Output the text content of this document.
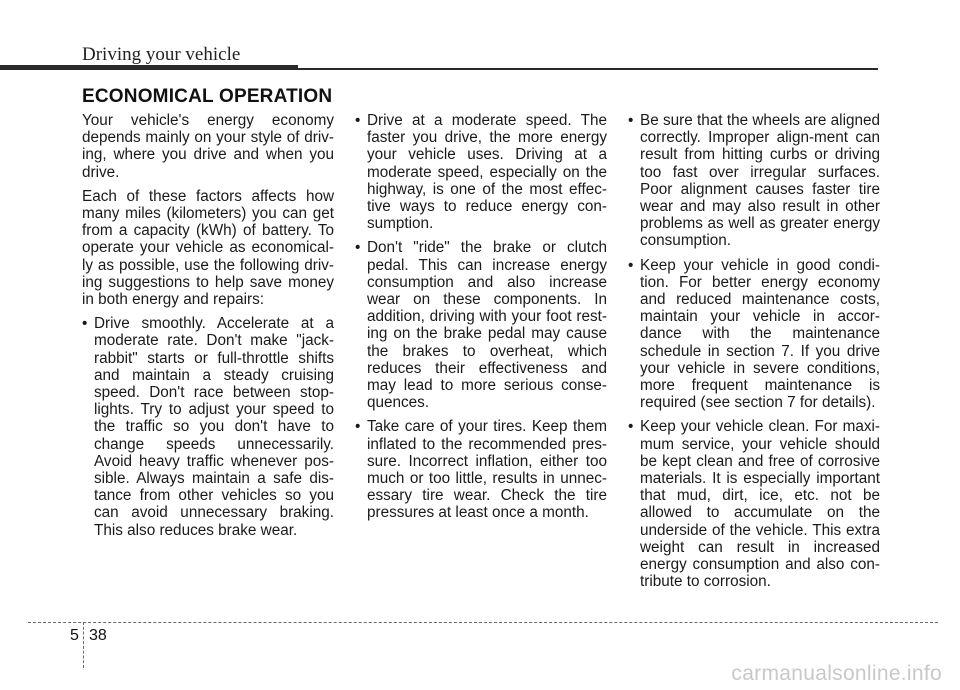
Driving your vehicle
ECONOMICAL OPERATION

Your vehicle's energy economy depends mainly on your style of driv-ing, where you drive and when you drive.

Each of these factors affects how many miles (kilometers) you can get from a capacity (kWh) of battery. To operate your vehicle as economical-ly as possible, use the following driv-ing suggestions to help save money in both energy and repairs:

• Drive smoothly. Accelerate at a moderate rate. Don't make "jack-rabbit" starts or full-throttle shifts and maintain a steady cruising speed. Don't race between stop-lights. Try to adjust your speed to the traffic so you don't have to change speeds unnecessarily. Avoid heavy traffic whenever pos-sible. Always maintain a safe dis-tance from other vehicles so you can avoid unnecessary braking. This also reduces brake wear.
• Drive at a moderate speed. The faster you drive, the more energy your vehicle uses. Driving at a moderate speed, especially on the highway, is one of the most effec-tive ways to reduce energy con-sumption.
• Don't "ride" the brake or clutch pedal. This can increase energy consumption and also increase wear on these components. In addition, driving with your foot rest-ing on the brake pedal may cause the brakes to overheat, which reduces their effectiveness and may lead to more serious conse-quences.
• Take care of your tires. Keep them inflated to the recommended pres-sure. Incorrect inflation, either too much or too little, results in unnec-essary tire wear. Check the tire pressures at least once a month.
• Be sure that the wheels are aligned correctly. Improper align-ment can result from hitting curbs or driving too fast over irregular surfaces. Poor alignment causes faster tire wear and may also result in other problems as well as greater energy consumption.
• Keep your vehicle in good condi-tion. For better energy economy and reduced maintenance costs, maintain your vehicle in accor-dance with the maintenance schedule in section 7. If you drive your vehicle in severe conditions, more frequent maintenance is required (see section 7 for details).
• Keep your vehicle clean. For maxi-mum service, your vehicle should be kept clean and free of corrosive materials. It is especially important that mud, dirt, ice, etc. not be allowed to accumulate on the underside of the vehicle. This extra weight can result in increased energy consumption and also con-tribute to corrosion.
5 38
carmanualsonline.info
